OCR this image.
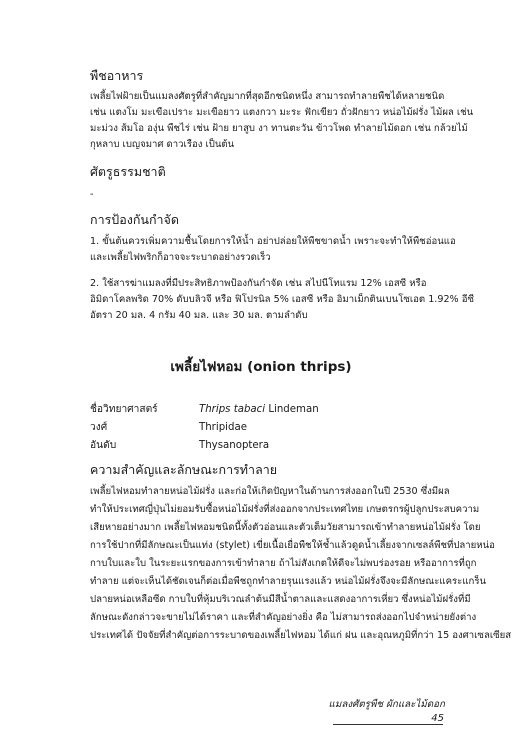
พืชอาหาร
เพลี้ยไฟฝ้ายเป็นแมลงศัตรูที่สำคัญมากที่สุดอีกชนิดหนึ่ง สามารถทำลายพืชได้หลายชนิด
เช่น แตงโม มะเขือเปราะ มะเขือยาว แตงกวา มะระ ฟักเขียว ถั่วฝักยาว หน่อไม้ฝรั่ง ไม้ผล เช่น
มะม่วง ส้มโอ องุ่น พืชไร่ เช่น ฝ้าย ยาสูบ งา ทานตะวัน ข้าวโพด ทำลายไม้ดอก เช่น กล้วยไม้
กุหลาบ เบญจมาศ ดาวเรือง เป็นต้น
ศัตรูธรรมชาติ
-
การป้องกันกำจัด
1. ขั้นต้นควรเพิ่มความชื้นโดยการให้น้ำ อย่าปล่อยให้พืชขาดน้ำ เพราะจะทำให้พืชอ่อนแอ
และเพลี้ยไฟพริกก็อาจจะระบาดอย่างรวดเร็ว
2. ใช้สารฆ่าแมลงที่มีประสิทธิภาพป้องกันกำจัด เช่น สไปนีโทแรม 12% เอสซี หรือ
อิมิดาโคลพริด 70% ดับบลิวจี หรือ ฟิโปรนิล 5% เอสซี หรือ อิมาเม็กตินเบนโซเอต 1.92% อีซี
อัตรา 20 มล. 4 กรัม 40 มล. และ 30 มล. ตามลำดับ
เพลี้ยไฟหอม (onion thrips)
ชื่อวิทยาศาสตร์	Thrips tabaci Lindeman
วงศ์	Thripidae
อันดับ	Thysanoptera
ความสำคัญและลักษณะการทำลาย
เพลี้ยไฟหอมทำลายหน่อไม้ฝรั่ง และก่อให้เกิดปัญหาในด้านการส่งออกในปี 2530 ซึ่งมีผล
ทำให้ประเทศญี่ปุ่นไม่ยอมรับซื้อหน่อไม้ฝรั่งที่ส่งออกจากประเทศไทย เกษตรกรผู้ปลูกประสบความ
เสียหายอย่างมาก เพลี้ยไฟหอมชนิดนี้ทั้งตัวอ่อนและตัวเต็มวัยสามารถเข้าทำลายหน่อไม้ฝรั่ง โดย
การใช้ปากที่มีลักษณะเป็นแท่ง (stylet) เขี่ยเนื้อเยื่อพืชให้ช้ำแล้วดูดน้ำเลี้ยงจากเซลล์พืชที่ปลายหน่อ
กาบใบและใบ ในระยะแรกของการเข้าทำลาย ถ้าไม่สังเกตให้ดีจะไม่พบร่องรอย หรืออาการที่ถูก
ทำลาย แต่จะเห็นได้ชัดเจนก็ต่อเมื่อพืชถูกทำลายรุนแรงแล้ว หน่อไม้ฝรั่งจึงจะมีลักษณะแคระแกร็น
ปลายหน่อเหลือซีด กาบใบที่หุ้มบริเวณลำต้นมีสีน้ำตาลและแสดงอาการเหี่ยว ซึ่งหน่อไม้ฝรั่งที่มี
ลักษณะดังกล่าวจะขายไม่ได้ราคา และที่สำคัญอย่างยิ่ง คือ ไม่สามารถส่งออกไปจำหน่ายยังต่าง
ประเทศได้ ปัจจัยที่สำคัญต่อการระบาดของเพลี้ยไฟหอม ได้แก่ ฝน และอุณหภูมิที่กว่า 15 องศาเซลเซียส
แมลงศัตรูพืช ผักและไม้ดอก
45
